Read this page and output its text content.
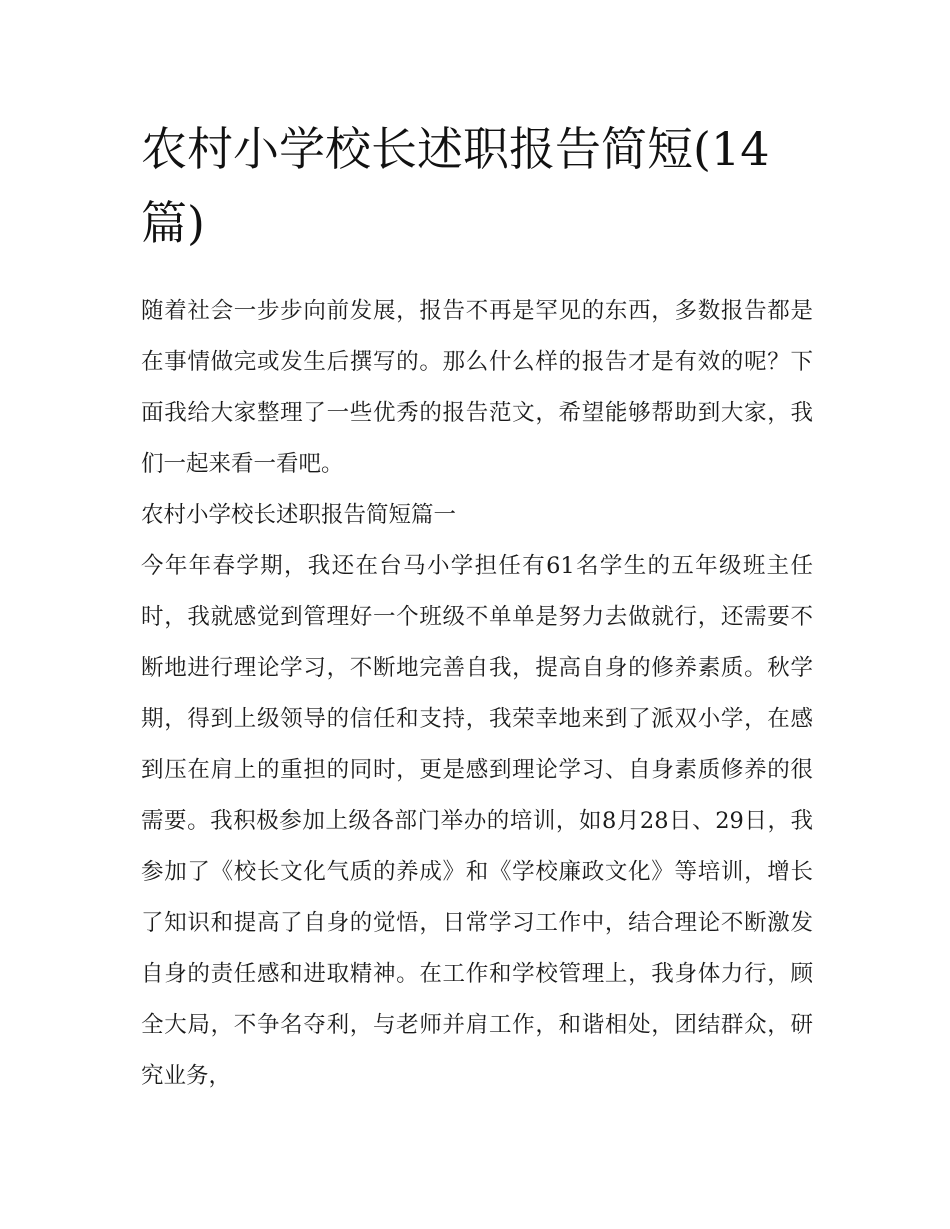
农村小学校长述职报告简短(14篇)

随着社会一步步向前发展，报告不再是罕见的东西，多数报告都是在事情做完或发生后撰写的。那么什么样的报告才是有效的呢？下面我给大家整理了一些优秀的报告范文，希望能够帮助到大家，我们一起来看一看吧。

农村小学校长述职报告简短篇一

今年年春学期，我还在台马小学担任有61名学生的五年级班主任时，我就感觉到管理好一个班级不单单是努力去做就行，还需要不断地进行理论学习，不断地完善自我，提高自身的修养素质。秋学期，得到上级领导的信任和支持，我荣幸地来到了派双小学，在感到压在肩上的重担的同时，更是感到理论学习、自身素质修养的很需要。我积极参加上级各部门举办的培训，如8月28日、29日，我参加了《校长文化气质的养成》和《学校廉政文化》等培训，增长了知识和提高了自身的觉悟，日常学习工作中，结合理论不断激发自身的责任感和进取精神。在工作和学校管理上，我身体力行，顾全大局，不争名夺利，与老师并肩工作，和谐相处，团结群众，研究业务，
